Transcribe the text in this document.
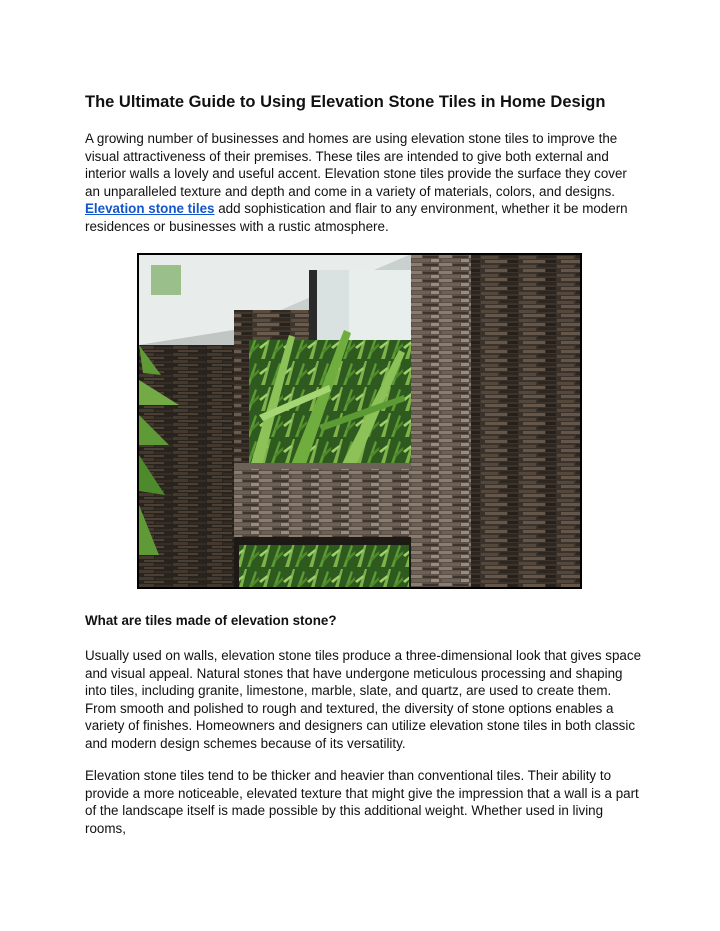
The Ultimate Guide to Using Elevation Stone Tiles in Home Design

A growing number of businesses and homes are using elevation stone tiles to improve the visual attractiveness of their premises. These tiles are intended to give both external and interior walls a lovely and useful accent. Elevation stone tiles provide the surface they cover an unparalleled texture and depth and come in a variety of materials, colors, and designs.
Elevation stone tiles add sophistication and flair to any environment, whether it be modern residences or businesses with a rustic atmosphere.

What are tiles made of elevation stone?

Usually used on walls, elevation stone tiles produce a three-dimensional look that gives space and visual appeal. Natural stones that have undergone meticulous processing and shaping into tiles, including granite, limestone, marble, slate, and quartz, are used to create them. From smooth and polished to rough and textured, the diversity of stone options enables a variety of finishes. Homeowners and designers can utilize elevation stone tiles in both classic and modern design schemes because of its versatility.

Elevation stone tiles tend to be thicker and heavier than conventional tiles. Their ability to provide a more noticeable, elevated texture that might give the impression that a wall is a part of the landscape itself is made possible by this additional weight. Whether used in living rooms,
